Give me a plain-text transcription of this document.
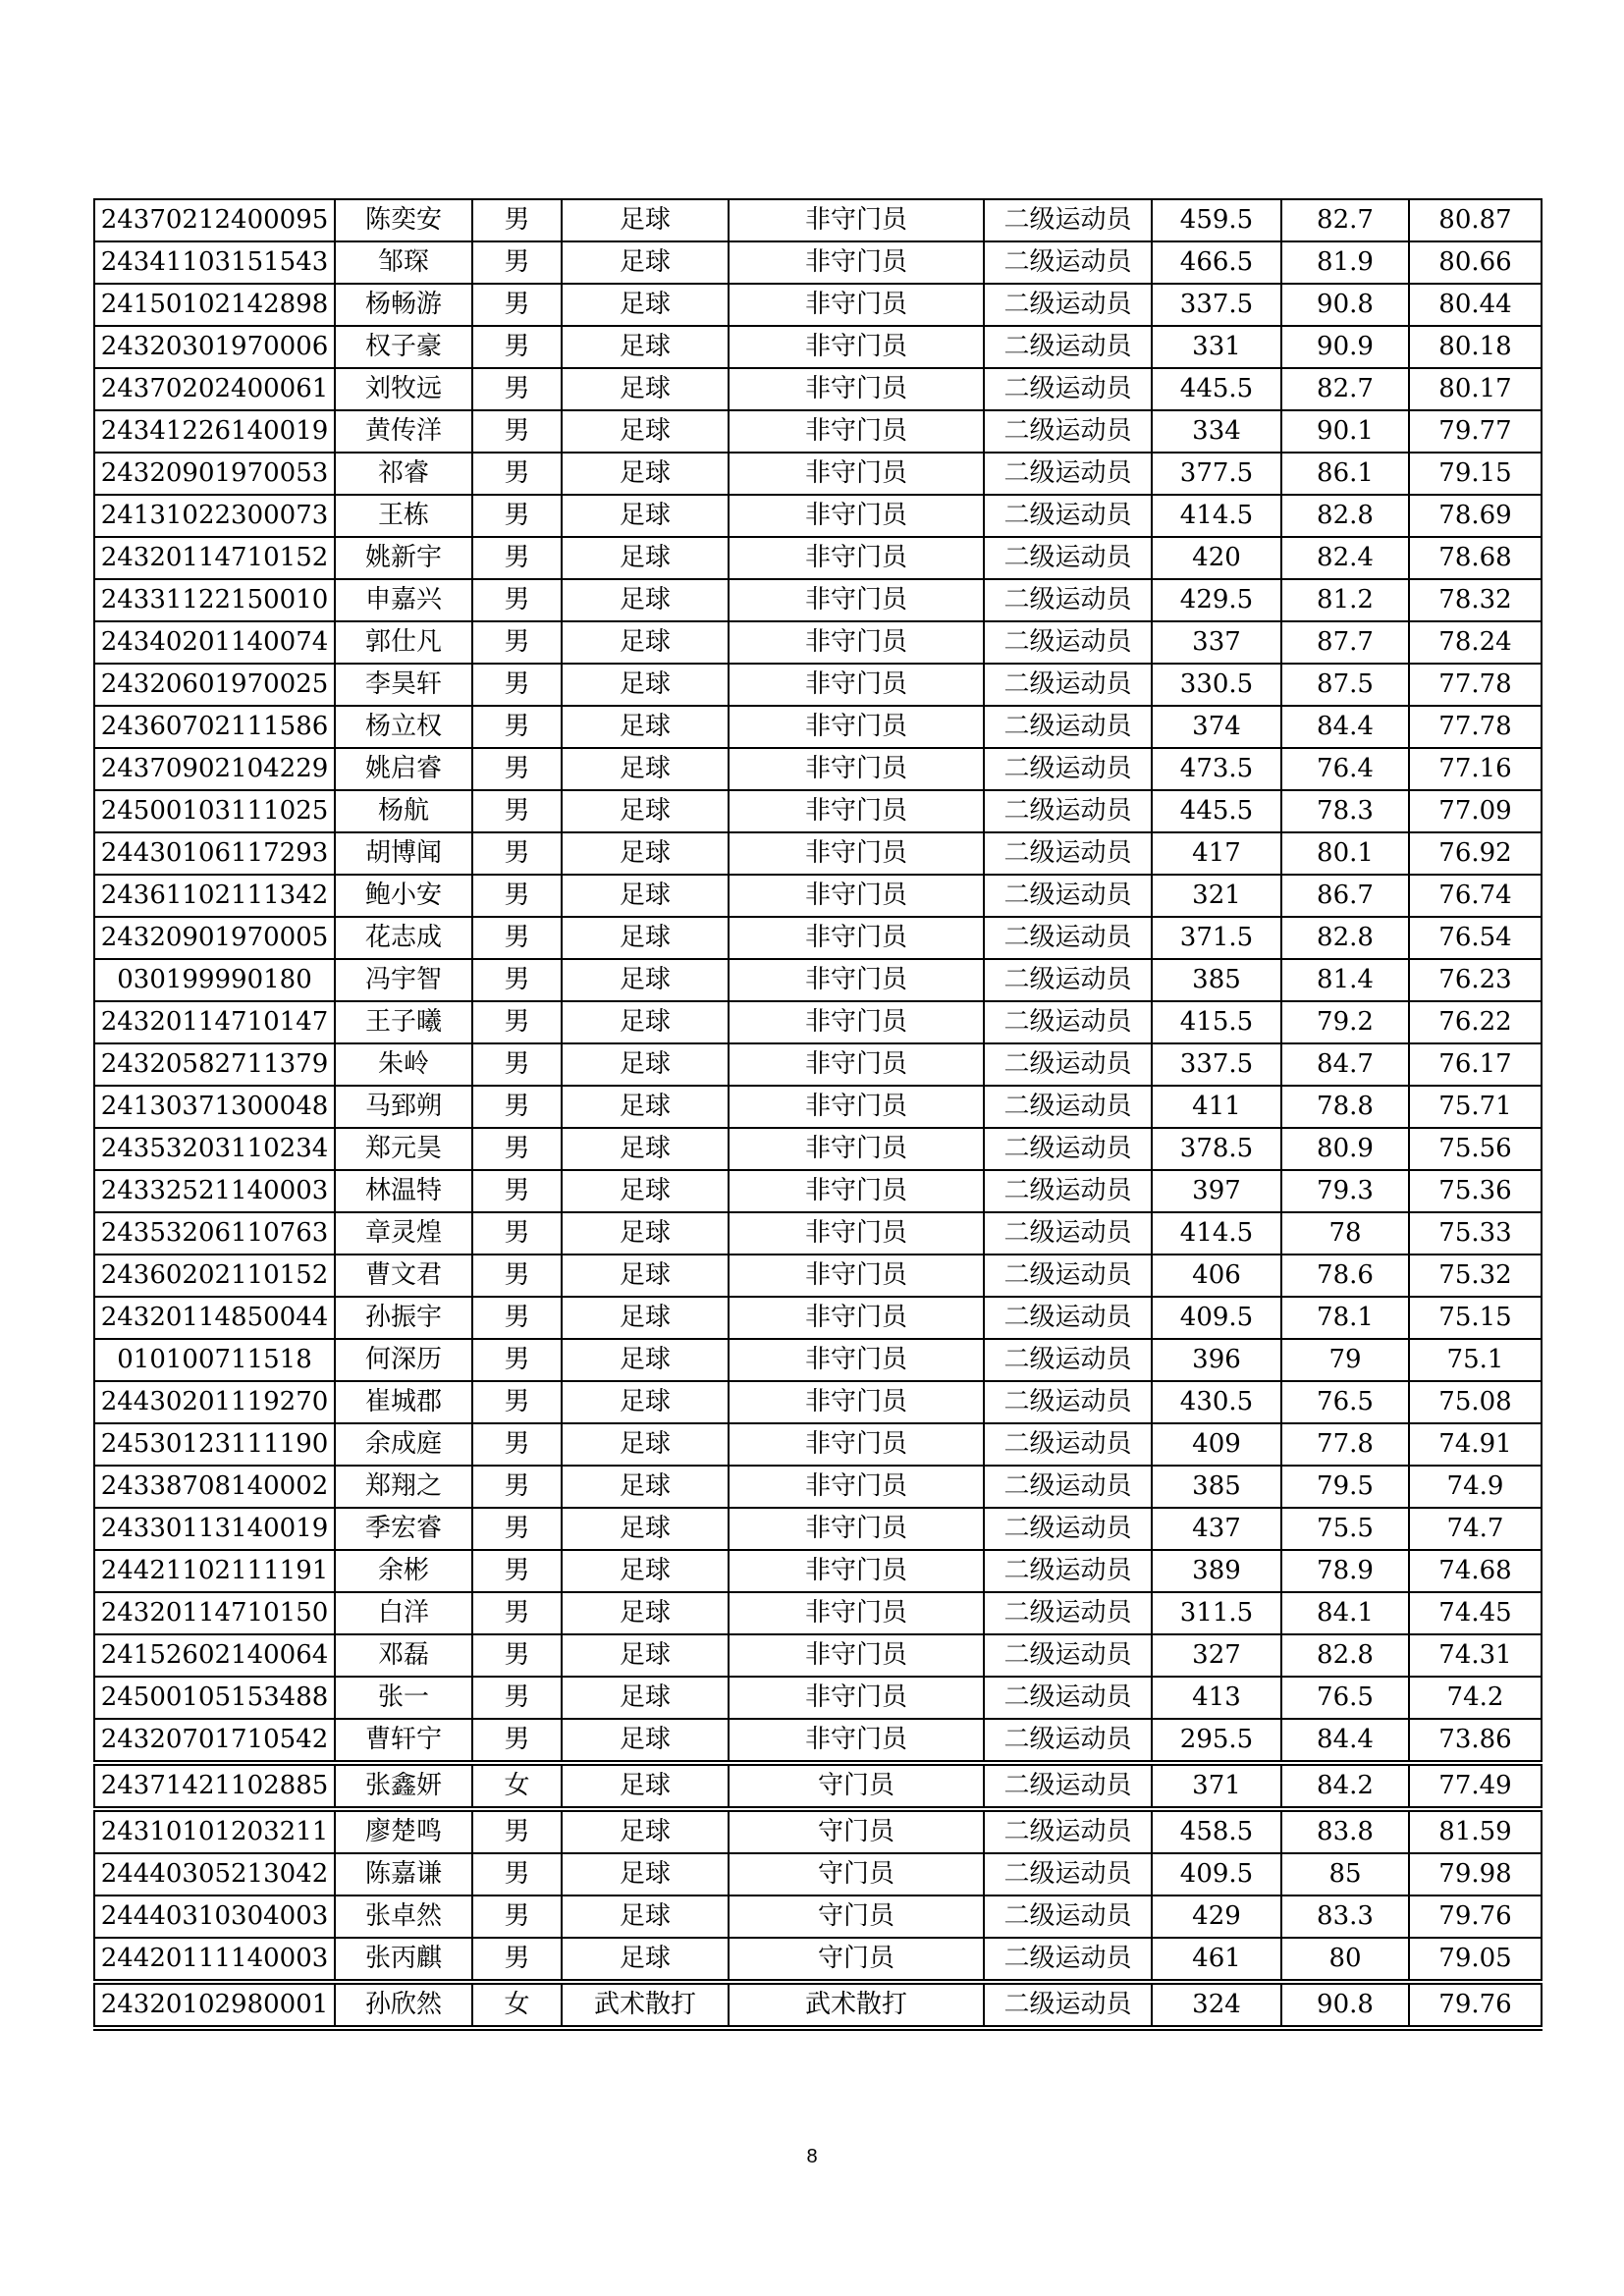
24370212400095	陈奕安	男	足球	非守门员	二级运动员	459.5	82.7	80.87
24341103151543	邹琛	男	足球	非守门员	二级运动员	466.5	81.9	80.66
24150102142898	杨畅游	男	足球	非守门员	二级运动员	337.5	90.8	80.44
24320301970006	权子豪	男	足球	非守门员	二级运动员	331	90.9	80.18
24370202400061	刘牧远	男	足球	非守门员	二级运动员	445.5	82.7	80.17
24341226140019	黄传洋	男	足球	非守门员	二级运动员	334	90.1	79.77
24320901970053	祁睿	男	足球	非守门员	二级运动员	377.5	86.1	79.15
24131022300073	王栋	男	足球	非守门员	二级运动员	414.5	82.8	78.69
24320114710152	姚新宇	男	足球	非守门员	二级运动员	420	82.4	78.68
24331122150010	申嘉兴	男	足球	非守门员	二级运动员	429.5	81.2	78.32
24340201140074	郭仕凡	男	足球	非守门员	二级运动员	337	87.7	78.24
24320601970025	李昊轩	男	足球	非守门员	二级运动员	330.5	87.5	77.78
24360702111586	杨立权	男	足球	非守门员	二级运动员	374	84.4	77.78
24370902104229	姚启睿	男	足球	非守门员	二级运动员	473.5	76.4	77.16
24500103111025	杨航	男	足球	非守门员	二级运动员	445.5	78.3	77.09
24430106117293	胡博闻	男	足球	非守门员	二级运动员	417	80.1	76.92
24361102111342	鲍小安	男	足球	非守门员	二级运动员	321	86.7	76.74
24320901970005	花志成	男	足球	非守门员	二级运动员	371.5	82.8	76.54
030199990180	冯宇智	男	足球	非守门员	二级运动员	385	81.4	76.23
24320114710147	王子曦	男	足球	非守门员	二级运动员	415.5	79.2	76.22
24320582711379	朱岭	男	足球	非守门员	二级运动员	337.5	84.7	76.17
24130371300048	马郅朔	男	足球	非守门员	二级运动员	411	78.8	75.71
24353203110234	郑元昊	男	足球	非守门员	二级运动员	378.5	80.9	75.56
24332521140003	林温特	男	足球	非守门员	二级运动员	397	79.3	75.36
24353206110763	章灵煌	男	足球	非守门员	二级运动员	414.5	78	75.33
24360202110152	曹文君	男	足球	非守门员	二级运动员	406	78.6	75.32
24320114850044	孙振宇	男	足球	非守门员	二级运动员	409.5	78.1	75.15
010100711518	何深历	男	足球	非守门员	二级运动员	396	79	75.1
24430201119270	崔城郡	男	足球	非守门员	二级运动员	430.5	76.5	75.08
24530123111190	余成庭	男	足球	非守门员	二级运动员	409	77.8	74.91
24338708140002	郑翔之	男	足球	非守门员	二级运动员	385	79.5	74.9
24330113140019	季宏睿	男	足球	非守门员	二级运动员	437	75.5	74.7
24421102111191	余彬	男	足球	非守门员	二级运动员	389	78.9	74.68
24320114710150	白洋	男	足球	非守门员	二级运动员	311.5	84.1	74.45
24152602140064	邓磊	男	足球	非守门员	二级运动员	327	82.8	74.31
24500105153488	张一	男	足球	非守门员	二级运动员	413	76.5	74.2
24320701710542	曹轩宁	男	足球	非守门员	二级运动员	295.5	84.4	73.86
24371421102885	张鑫妍	女	足球	守门员	二级运动员	371	84.2	77.49
24310101203211	廖楚鸣	男	足球	守门员	二级运动员	458.5	83.8	81.59
24440305213042	陈嘉谦	男	足球	守门员	二级运动员	409.5	85	79.98
24440310304003	张卓然	男	足球	守门员	二级运动员	429	83.3	79.76
24420111140003	张丙麒	男	足球	守门员	二级运动员	461	80	79.05
24320102980001	孙欣然	女	武术散打	武术散打	二级运动员	324	90.8	79.76
8
